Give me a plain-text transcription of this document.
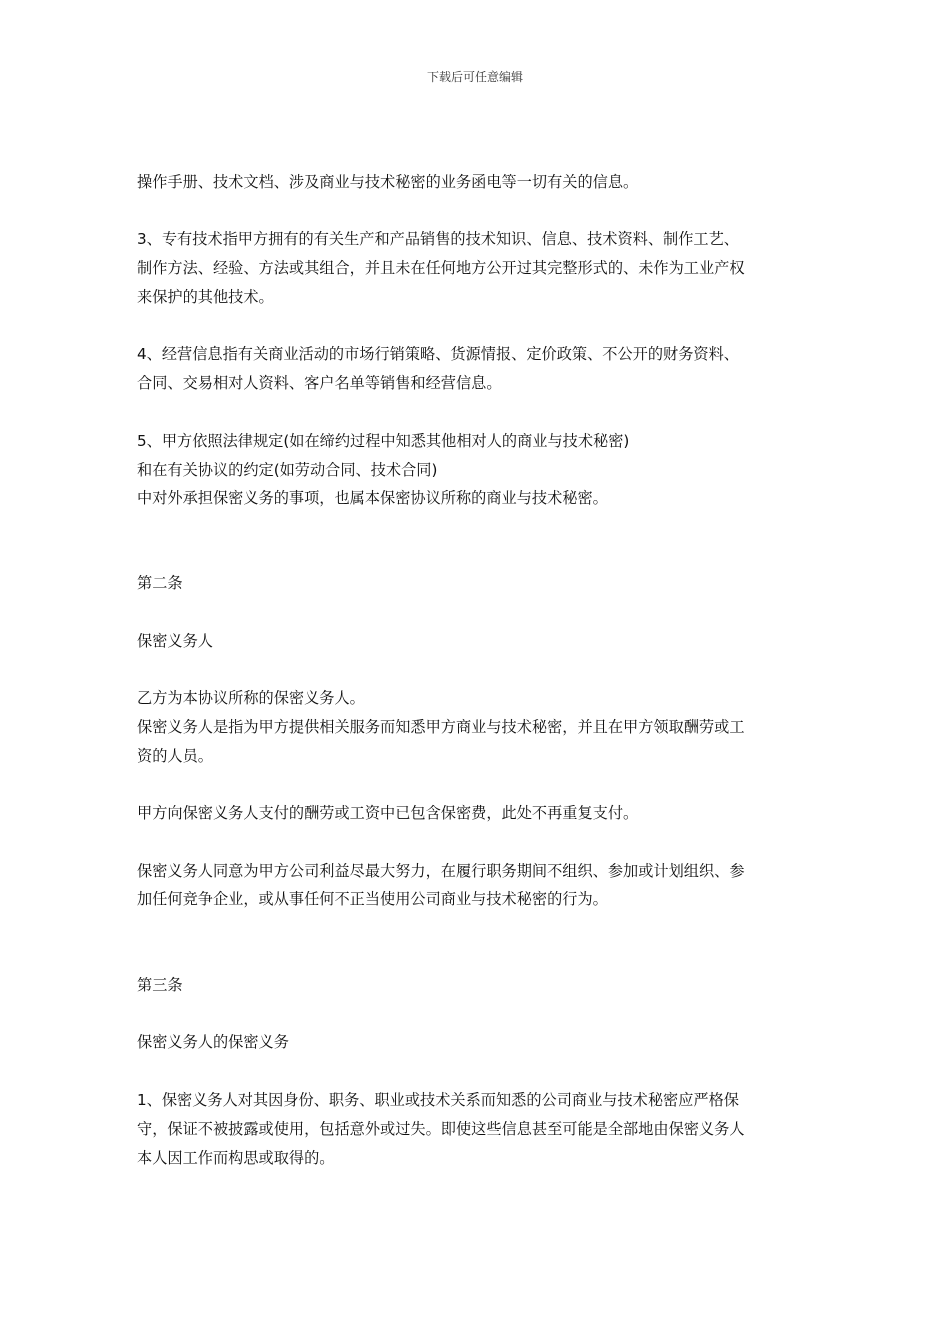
下载后可任意编辑
操作手册、技术文档、涉及商业与技术秘密的业务函电等一切有关的信息。
3、专有技术指甲方拥有的有关生产和产品销售的技术知识、信息、技术资料、制作工艺、
制作方法、经验、方法或其组合，并且未在任何地方公开过其完整形式的、未作为工业产权
来保护的其他技术。
4、经营信息指有关商业活动的市场行销策略、货源情报、定价政策、不公开的财务资料、
合同、交易相对人资料、客户名单等销售和经营信息。
5、甲方依照法律规定(如在缔约过程中知悉其他相对人的商业与技术秘密)
和在有关协议的约定(如劳动合同、技术合同)
中对外承担保密义务的事项，也属本保密协议所称的商业与技术秘密。
第二条
保密义务人
乙方为本协议所称的保密义务人。
保密义务人是指为甲方提供相关服务而知悉甲方商业与技术秘密，并且在甲方领取酬劳或工
资的人员。
甲方向保密义务人支付的酬劳或工资中已包含保密费，此处不再重复支付。
保密义务人同意为甲方公司利益尽最大努力，在履行职务期间不组织、参加或计划组织、参
加任何竞争企业，或从事任何不正当使用公司商业与技术秘密的行为。
第三条
保密义务人的保密义务
1、保密义务人对其因身份、职务、职业或技术关系而知悉的公司商业与技术秘密应严格保
守，保证不被披露或使用，包括意外或过失。即使这些信息甚至可能是全部地由保密义务人
本人因工作而构思或取得的。
